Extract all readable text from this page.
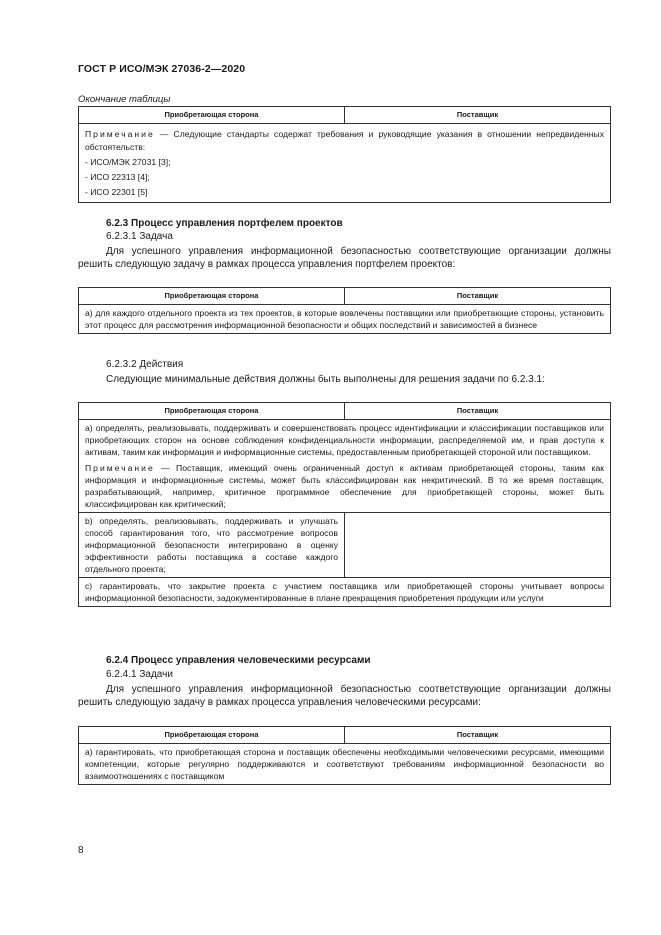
ГОСТ Р ИСО/МЭК 27036-2—2020
Окончание таблицы
Приобретающая сторона	Поставщик
Примечание — Следующие стандарты содержат требования и руководящие указания в отношении непредвиденных обстоятельств:
- ИСО/МЭК 27031 [3];
- ИСО 22313 [4];
- ИСО 22301 [5]
6.2.3 Процесс управления портфелем проектов
6.2.3.1 Задача
Для успешного управления информационной безопасностью соответствующие организации должны решить следующую задачу в рамках процесса управления портфелем проектов:
Приобретающая сторона	Поставщик
а) для каждого отдельного проекта из тех проектов, в которые вовлечены поставщики или приобретающие стороны, установить этот процесс для рассмотрения информационной безопасности и общих последствий и зависимостей в бизнесе
6.2.3.2 Действия
Следующие минимальные действия должны быть выполнены для решения задачи по 6.2.3.1:
Приобретающая сторона	Поставщик

а) определять, реализовывать, поддерживать и совершенствовать процесс идентификации и классификации поставщиков или приобретающих сторон на основе соблюдения конфиденциальности информации, распределяемой им, и прав доступа к активам, таким как информация и информационные системы, предоставленным приобретающей стороной или поставщиком.
Примечание — Поставщик, имеющий очень ограниченный доступ к активам приобретающей стороны, таким как информация и информационные системы, может быть классифицирован как некритический. В то же время поставщик, разрабатывающий, например, критичное программное обеспечение для приобретающей стороны, может быть классифицирован как критический;	

b) определять, реализовывать, поддерживать и улучшать способ гарантирования того, что рассмотрение вопросов информационной безопасности интегрировано в оценку эффективности работы поставщика в составе каждого отдельного проекта;	
c) гарантировать, что закрытие проекта с участием поставщика или приобретающей стороны учитывает вопросы информационной безопасности, задокументированные в плане прекращения приобретения продукции или услуги	
6.2.4 Процесс управления человеческими ресурсами
6.2.4.1 Задачи
Для успешного управления информационной безопасностью соответствующие организации должны решить следующую задачу в рамках процесса управления человеческими ресурсами:
Приобретающая сторона	Поставщик
а) гарантировать, что приобретающая сторона и поставщик обеспечены необходимыми человеческими ресурсами, имеющими компетенции, которые регулярно поддерживаются и соответствуют требованиям информационной безопасности во взаимоотношениях с поставщиком
8
